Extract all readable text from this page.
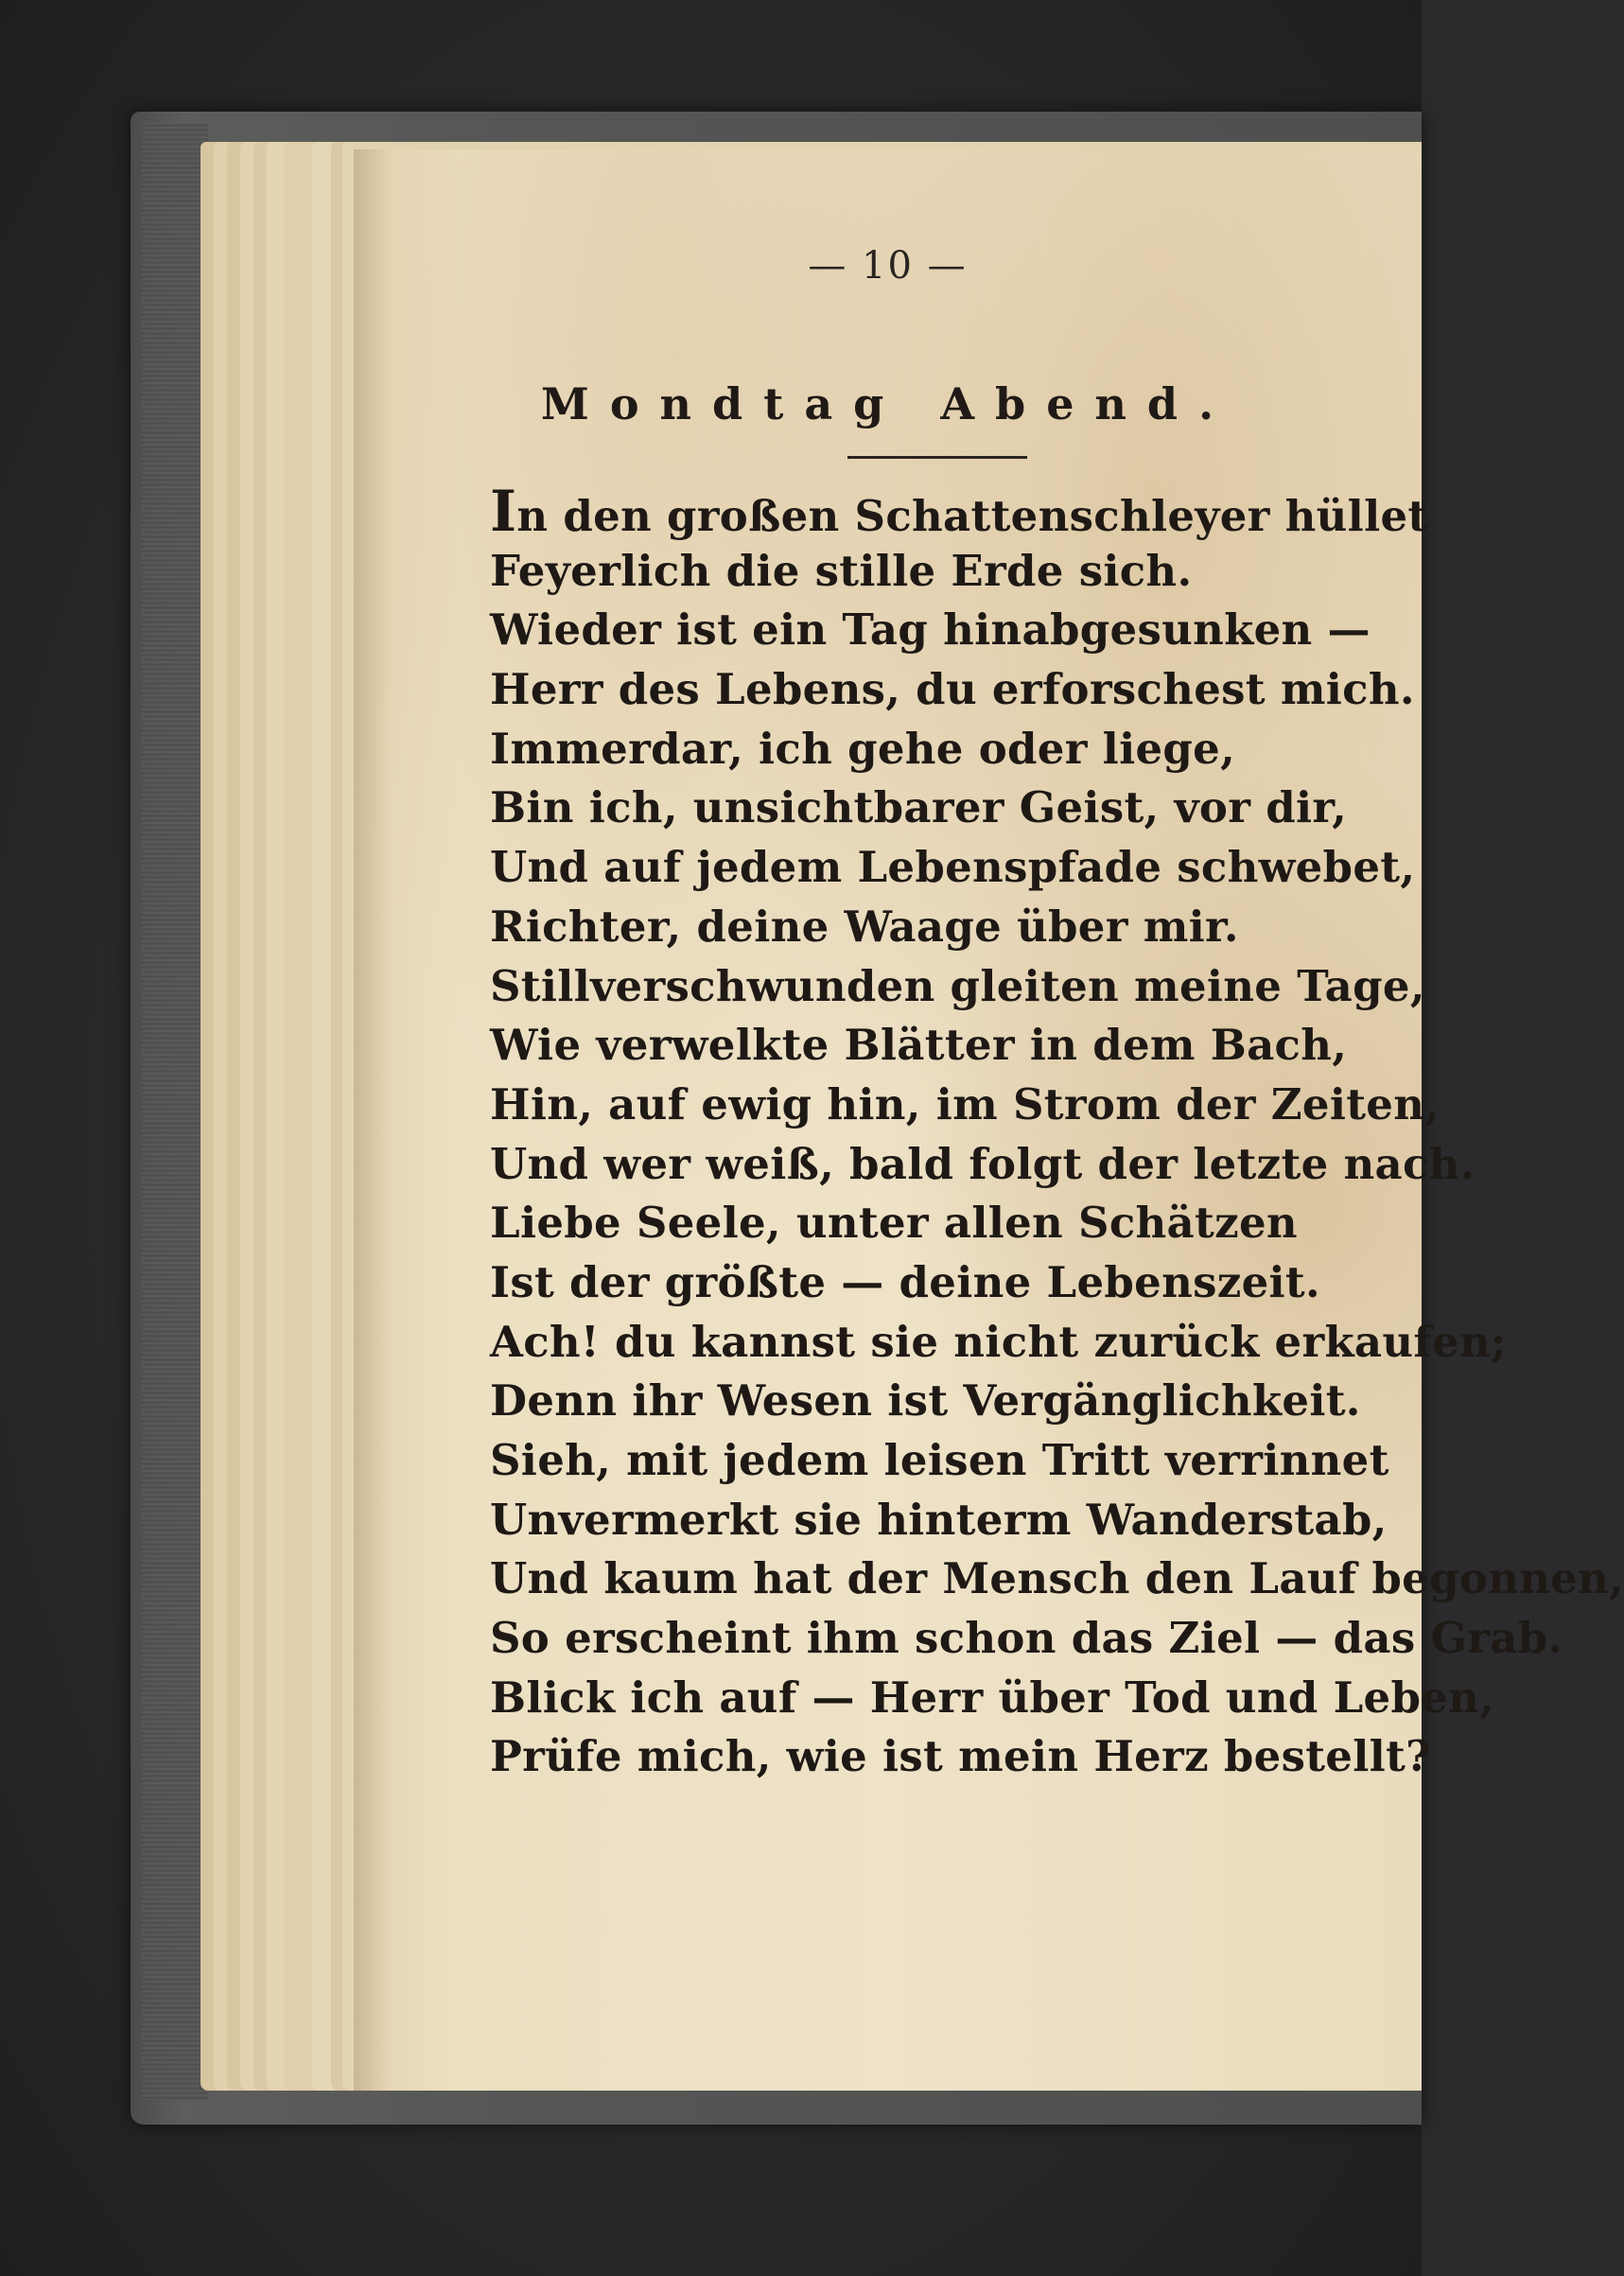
— 10 —
Mondtag Abend.
In den großen Schattenschleyer hüllet
Feyerlich die stille Erde sich.
Wieder ist ein Tag hinabgesunken —
Herr des Lebens, du erforschest mich.
Immerdar, ich gehe oder liege,
Bin ich, unsichtbarer Geist, vor dir,
Und auf jedem Lebenspfade schwebet,
Richter, deine Waage über mir.
Stillverschwunden gleiten meine Tage,
Wie verwelkte Blätter in dem Bach,
Hin, auf ewig hin, im Strom der Zeiten,
Und wer weiß, bald folgt der letzte nach.
Liebe Seele, unter allen Schätzen
Ist der größte — deine Lebenszeit.
Ach! du kannst sie nicht zurück erkaufen;
Denn ihr Wesen ist Vergänglichkeit.
Sieh, mit jedem leisen Tritt verrinnet
Unvermerkt sie hinterm Wanderstab,
Und kaum hat der Mensch den Lauf begonnen,
So erscheint ihm schon das Ziel — das Grab.
Blick ich auf — Herr über Tod und Leben,
Prüfe mich, wie ist mein Herz bestellt?
